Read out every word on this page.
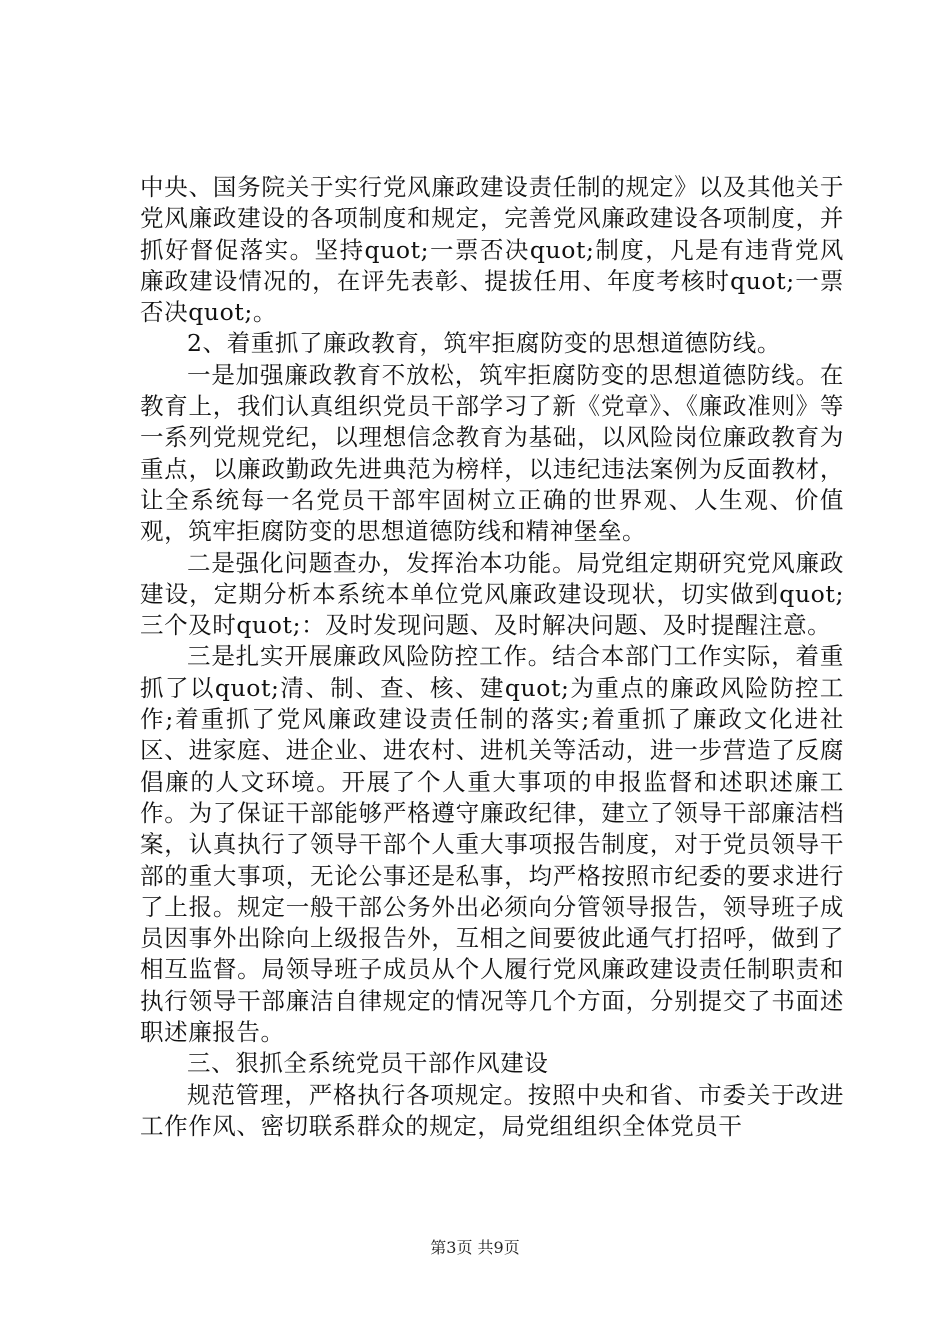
中央、国务院关于实行党风廉政建设责任制的规定》以及其他关于党风廉政建设的各项制度和规定，完善党风廉政建设各项制度，并抓好督促落实。坚持quot;一票否决quot;制度，凡是有违背党风廉政建设情况的，在评先表彰、提拔任用、年度考核时quot;一票否决quot;。

2、着重抓了廉政教育，筑牢拒腐防变的思想道德防线。

一是加强廉政教育不放松，筑牢拒腐防变的思想道德防线。在教育上，我们认真组织党员干部学习了新《党章》、《廉政准则》等一系列党规党纪，以理想信念教育为基础，以风险岗位廉政教育为重点，以廉政勤政先进典范为榜样，以违纪违法案例为反面教材，让全系统每一名党员干部牢固树立正确的世界观、人生观、价值观，筑牢拒腐防变的思想道德防线和精神堡垒。

二是强化问题查办，发挥治本功能。局党组定期研究党风廉政建设，定期分析本系统本单位党风廉政建设现状，切实做到quot;三个及时quot;：及时发现问题、及时解决问题、及时提醒注意。

三是扎实开展廉政风险防控工作。结合本部门工作实际，着重抓了以quot;清、制、查、核、建quot;为重点的廉政风险防控工作;着重抓了党风廉政建设责任制的落实;着重抓了廉政文化进社区、进家庭、进企业、进农村、进机关等活动，进一步营造了反腐倡廉的人文环境。开展了个人重大事项的申报监督和述职述廉工作。为了保证干部能够严格遵守廉政纪律，建立了领导干部廉洁档案，认真执行了领导干部个人重大事项报告制度，对于党员领导干部的重大事项，无论公事还是私事，均严格按照市纪委的要求进行了上报。规定一般干部公务外出必须向分管领导报告，领导班子成员因事外出除向上级报告外，互相之间要彼此通气打招呼，做到了相互监督。局领导班子成员从个人履行党风廉政建设责任制职责和执行领导干部廉洁自律规定的情况等几个方面，分别提交了书面述职述廉报告。

三、狠抓全系统党员干部作风建设

规范管理，严格执行各项规定。按照中央和省、市委关于改进工作作风、密切联系群众的规定，局党组组织全体党员干

第3页 共9页
